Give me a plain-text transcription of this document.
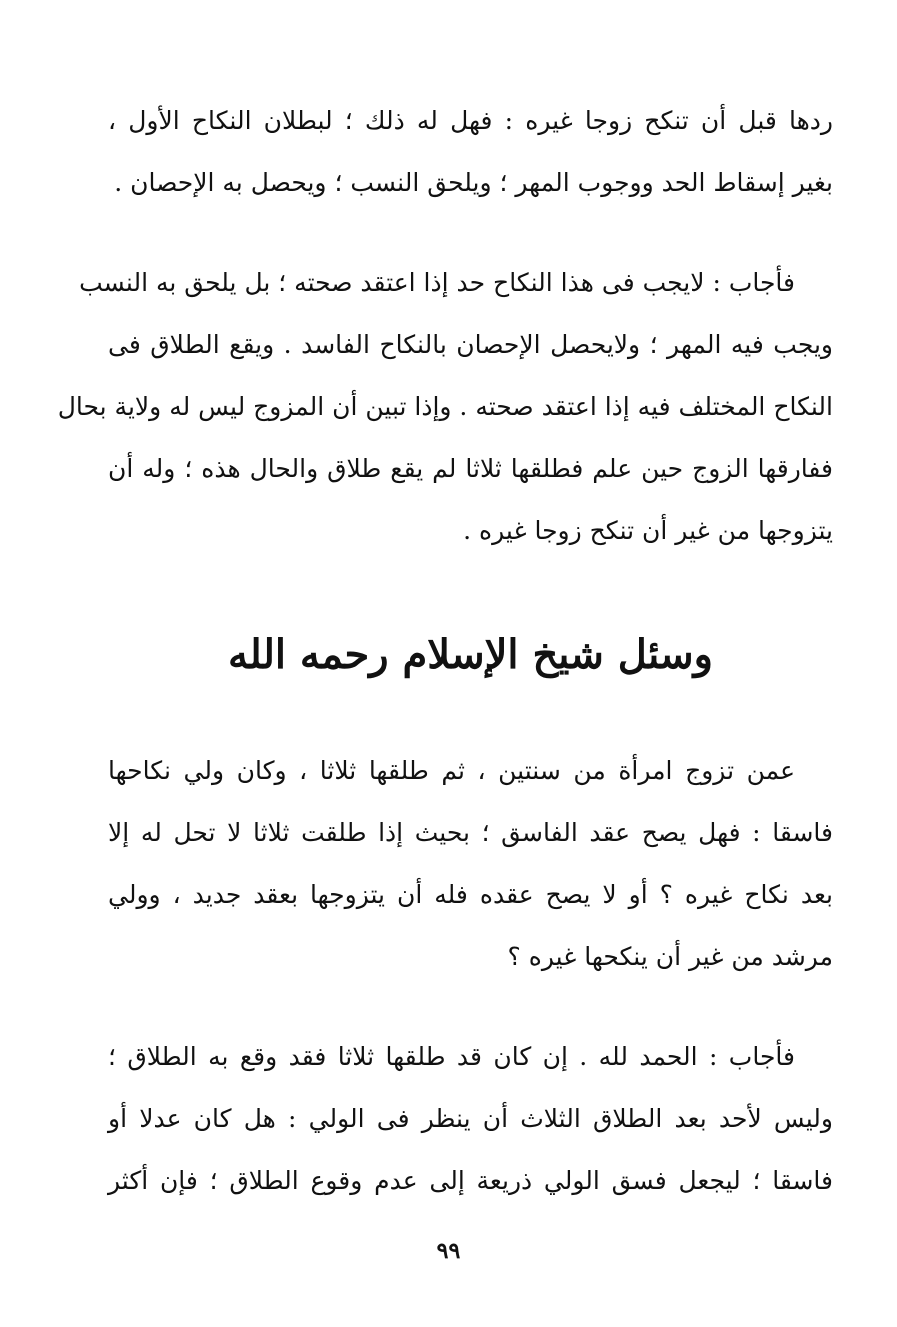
ردها قبل أن تنكح زوجا غيره : فهل له ذلك ؛ لبطلان النكاح الأول ،
بغير إسقاط الحد ووجوب المهر ؛ ويلحق النسب ؛ ويحصل به الإحصان .
فأجاب : لايجب فى هذا النكاح حد إذا اعتقد صحته ؛ بل يلحق به النسب
ويجب فيه المهر ؛ ولايحصل الإحصان بالنكاح الفاسد . ويقع الطلاق فى
النكاح المختلف فيه إذا اعتقد صحته . وإذا تبين أن المزوج ليس له ولاية بحال
ففارقها الزوج حين علم فطلقها ثلاثا لم يقع طلاق والحال هذه ؛ وله أن
يتزوجها من غير أن تنكح زوجا غيره .
وسئل شيخ الإسلام رحمه الله
عمن تزوج امرأة من سنتين ، ثم طلقها ثلاثا ، وكان ولي نكاحها
فاسقا : فهل يصح عقد الفاسق ؛ بحيث إذا طلقت ثلاثا لا تحل له إلا
بعد نكاح غيره ؟ أو لا يصح عقده فله أن يتزوجها بعقد جديد ، وولي
مرشد من غير أن ينكحها غيره ؟
فأجاب : الحمد لله . إن كان قد طلقها ثلاثا فقد وقع به الطلاق ؛
وليس لأحد بعد الطلاق الثلاث أن ينظر فى الولي : هل كان عدلا أو
فاسقا ؛ ليجعل فسق الولي ذريعة إلى عدم وقوع الطلاق ؛ فإن أكثر
٩٩
